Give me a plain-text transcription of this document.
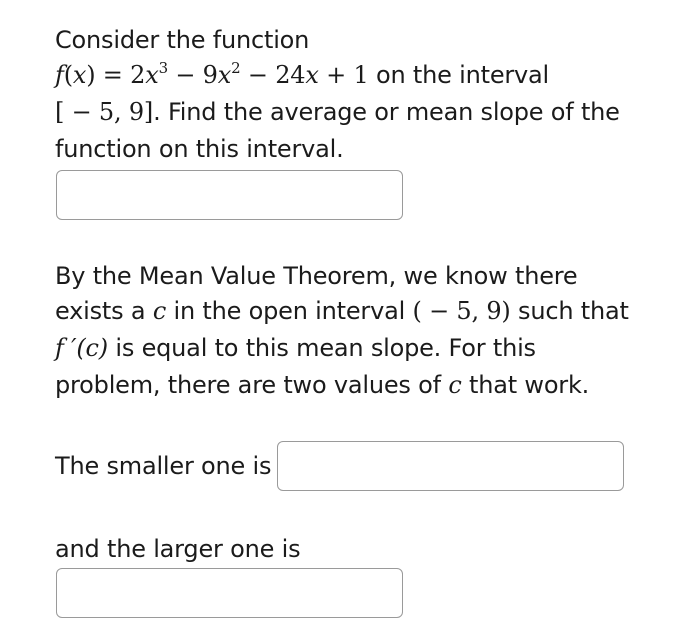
Consider the function
$f(x) = 2x^3 - 9x^2 - 24x + 1$ on the interval
[ − 5, 9]. Find the average or mean slope of the
function on this interval.
By the Mean Value Theorem, we know there
exists a c in the open interval ( − 5, 9) such that
f ′(c) is equal to this mean slope. For this
problem, there are two values of c that work.
The smaller one is
and the larger one is
